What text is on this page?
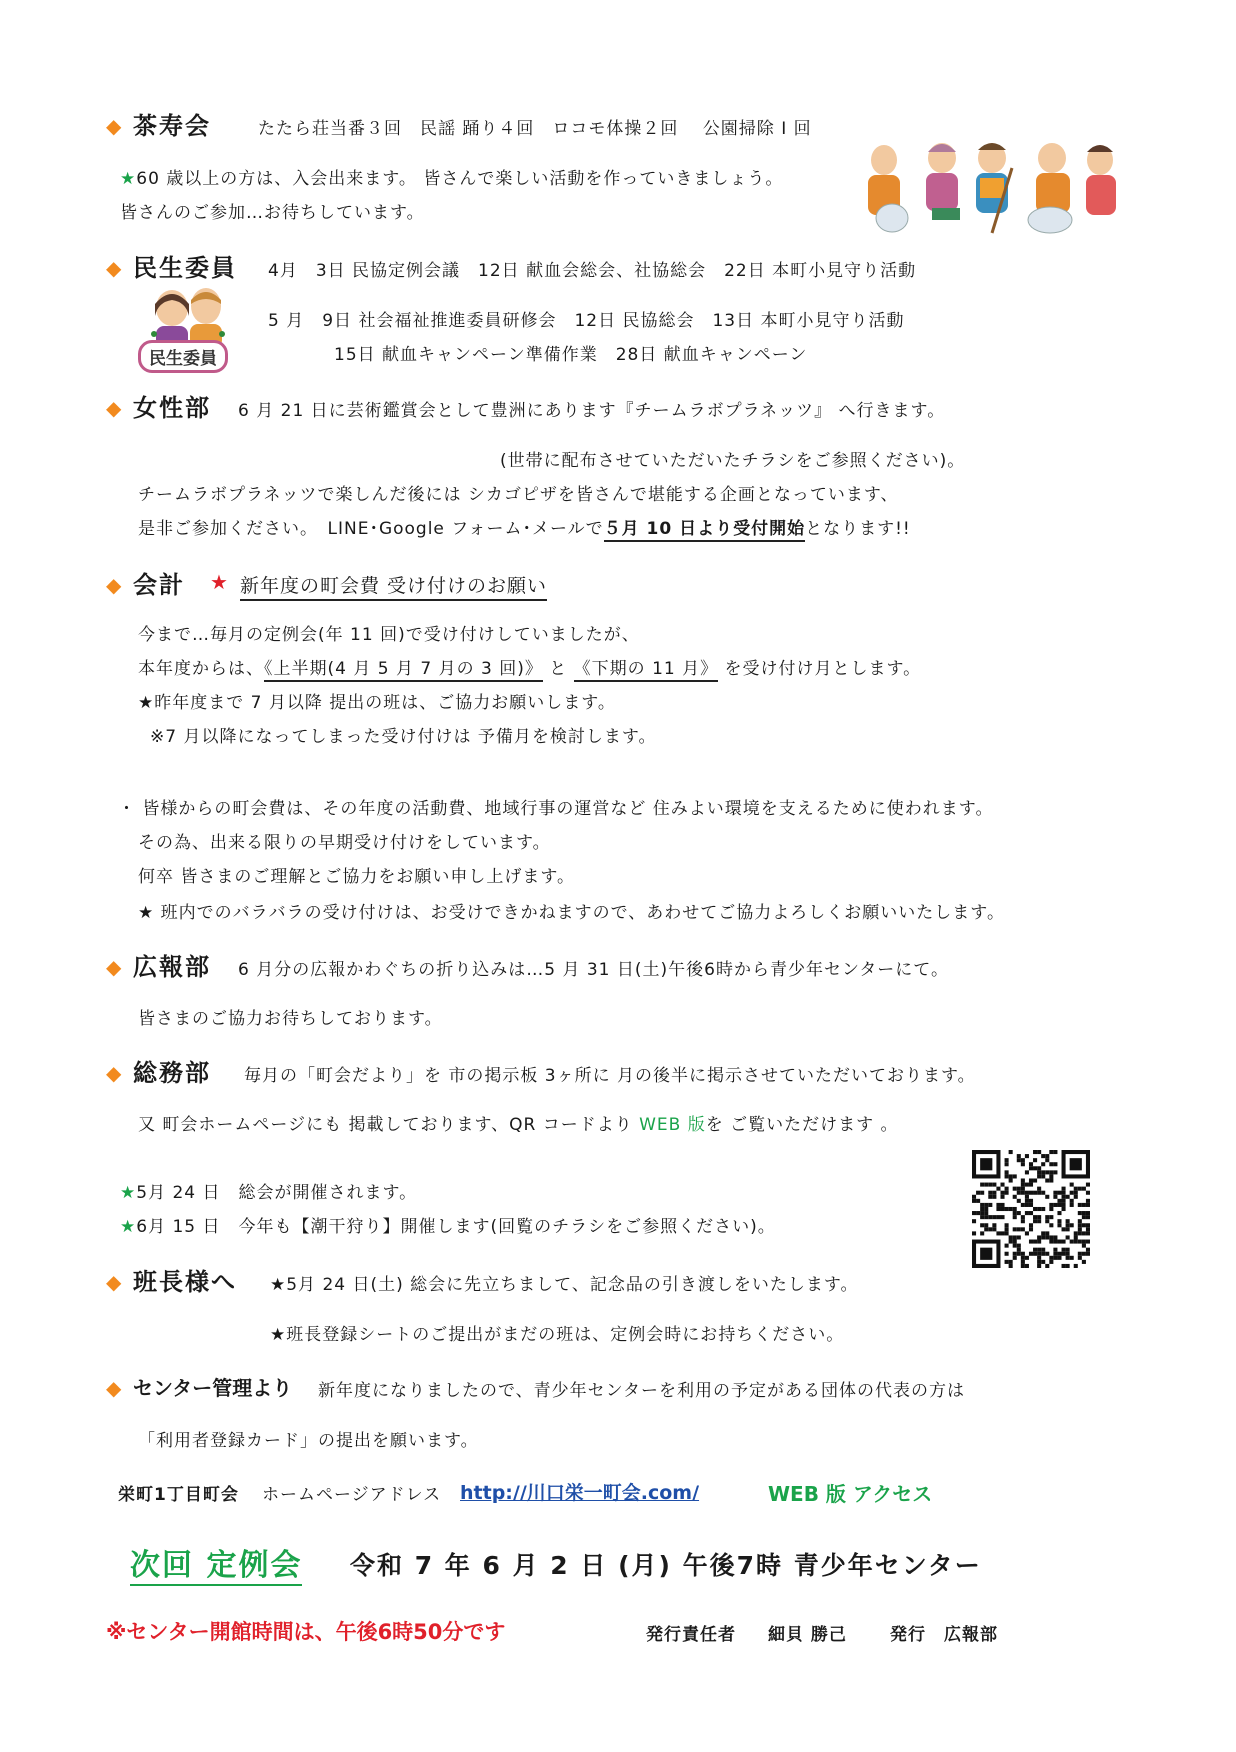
◆ 茶寿会	たたら荘当番３回　民謡 踊り４回　ロコモ体操２回　 公園掃除 I 回
★60 歳以上の方は、入会出来ます。 皆さんで楽しい活動を作っていきましょう。
皆さんのご参加…お待ちしています。
◆ 民生委員 4月　3日 民協定例会議　12日 献血会総会、社協総会　22日 本町小見守り活動
民生委員
5 月　9日 社会福祉推進委員研修会　12日 民協総会　13日 本町小見守り活動
15日 献血キャンペーン準備作業　28日 献血キャンペーン
◆ 女性部 6 月 21 日に芸術鑑賞会として豊洲にあります『チームラボプラネッツ』 へ行きます。
(世帯に配布させていただいたチラシをご参照ください)。
チームラボプラネッツで楽しんだ後には シカゴピザを皆さんで堪能する企画となっています、
是非ご参加ください。　LINE･Google フォーム･メールで５月 10 日より受付開始となります!!
◆ 会計 ★ 新年度の町会費 受け付けのお願い
今まで…毎月の定例会(年 11 回)で受け付けしていましたが、
本年度からは、《上半期(4 月 5 月 7 月の 3 回)》 と 《下期の 11 月》 を受け付け月とします。
★昨年度まで 7 月以降 提出の班は、ご協力お願いします。
※7 月以降になってしまった受け付けは 予備月を検討します。
・ 皆様からの町会費は、その年度の活動費、地域行事の運営など 住みよい環境を支えるために使われます。
その為、出来る限りの早期受け付けをしています。
何卒 皆さまのご理解とご協力をお願い申し上げます。
★ 班内でのバラバラの受け付けは、お受けできかねますので、あわせてご協力よろしくお願いいたします。
◆ 広報部 6 月分の広報かわぐちの折り込みは…5 月 31 日(土)午後6時から青少年センターにて。
皆さまのご協力お待ちしております。
◆ 総務部 毎月の「町会だより」を 市の掲示板 3ヶ所に 月の後半に掲示させていただいております。
又 町会ホームページにも 掲載しております、QR コードより WEB 版を ご覧いただけます 。
★5月 24 日　総会が開催されます。
★6月 15 日　今年も【潮干狩り】開催します(回覧のチラシをご参照ください)。
◆ 班長様へ ★5月 24 日(土) 総会に先立ちまして、記念品の引き渡しをいたします。
★班長登録シートのご提出がまだの班は、定例会時にお持ちください。
◆ センター管理より 新年度になりましたので、青少年センターを利用の予定がある団体の代表の方は
「利用者登録カード」の提出を願います。
栄町1丁目町会 ホームページアドレス http://川口栄一町会.com/	WEB 版 アクセス
次回 定例会 令和 7 年 6 月 2 日 (月) 午後7時 青少年センター
※センター開館時間は、午後6時50分です	発行責任者 細貝 勝己	発行 広報部
